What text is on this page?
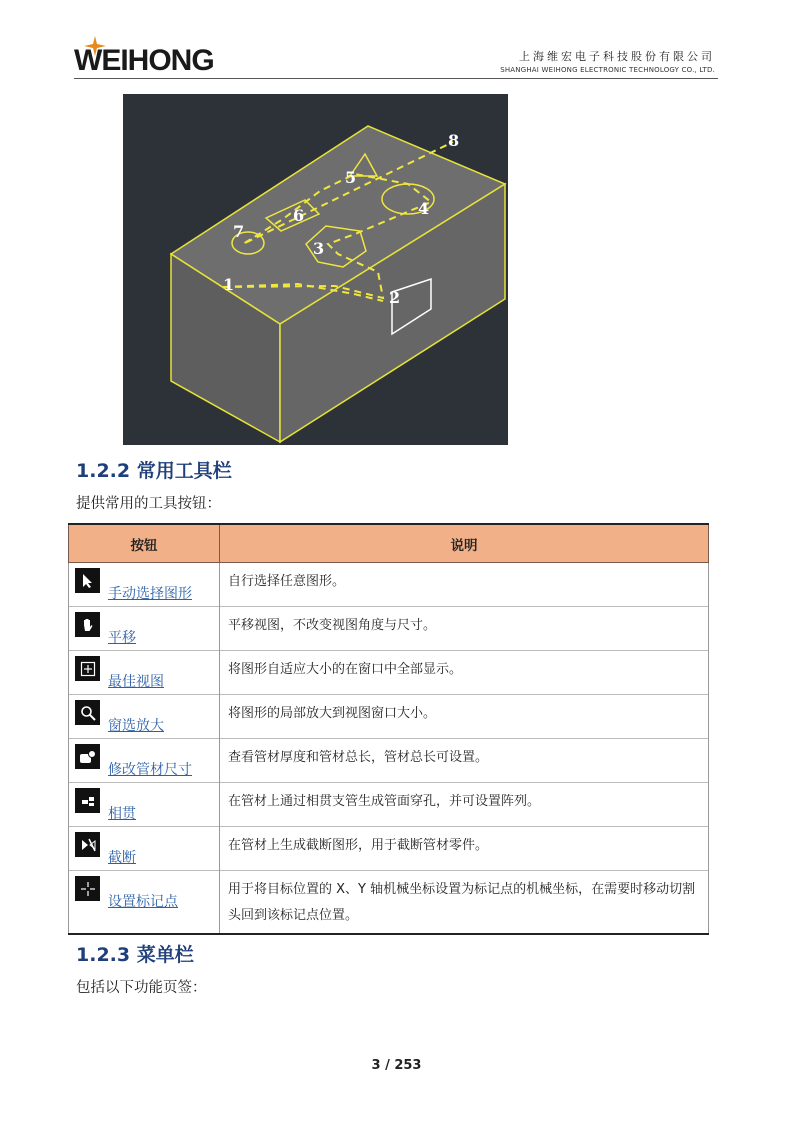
WEIHONG	上海维宏电子科技股份有限公司
SHANGHAI WEIHONG ELECTRONIC TECHNOLOGY CO., LTD.
1
2
3
4
5
6
7
8
1.2.2 常用工具栏
提供常用的工具按钮：
按钮	说明

手动选择图形	自行选择任意图形。

平移	平移视图，不改变视图角度与尺寸。

最佳视图	将图形自适应大小的在窗口中全部显示。

窗选放大	将图形的局部放大到视图窗口大小。

修改管材尺寸	查看管材厚度和管材总长，管材总长可设置。

相贯	在管材上通过相贯支管生成管面穿孔，并可设置阵列。

截断	在管材上生成截断图形，用于截断管材零件。

设置标记点	用于将目标位置的 X、Y 轴机械坐标设置为标记点的机械坐标，在需要时移动切割头回到该标记点位置。
1.2.3 菜单栏
包括以下功能页签：
3 / 253
